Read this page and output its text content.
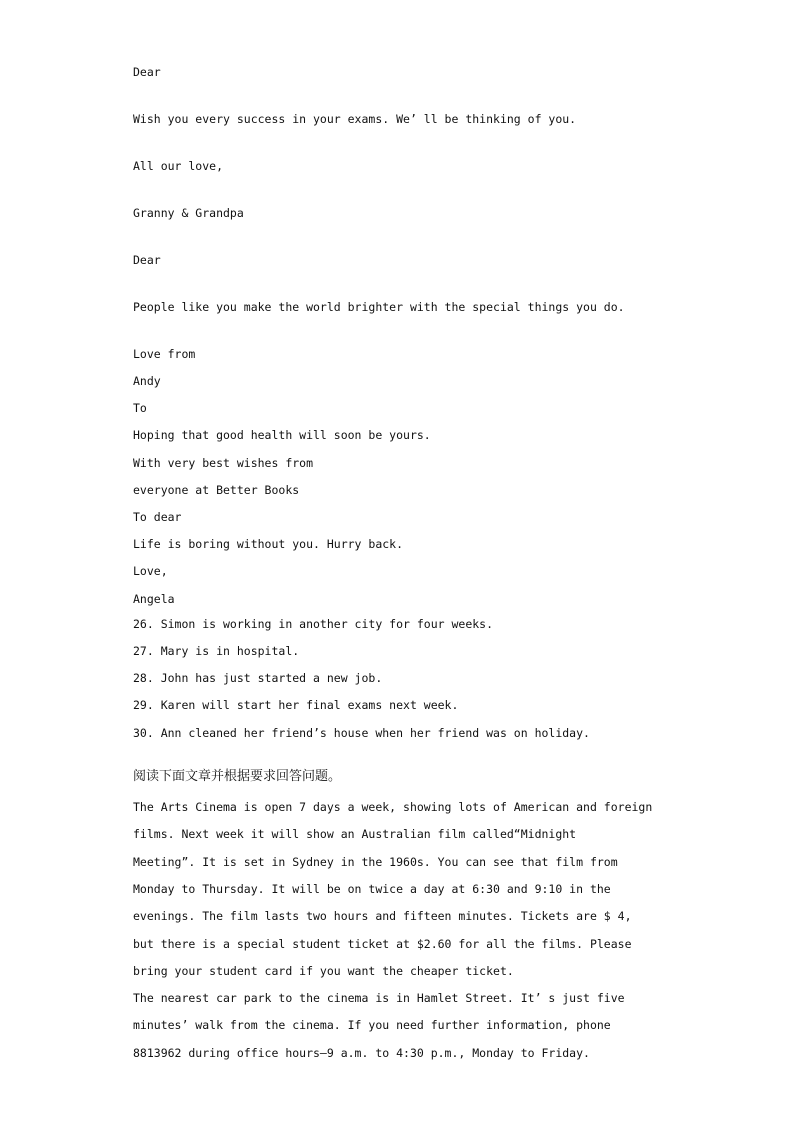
Dear

Wish you every success in your exams. We’ ll be thinking of you.

All our love,

Granny & Grandpa

Dear

People like you make the world brighter with the special things you do.

Love from

Andy

To

Hoping that good health will soon be yours.

With very best wishes from

everyone at Better Books

To dear

Life is boring without you. Hurry back.

Love,

Angela

26. Simon is working in another city for four weeks.

27. Mary is in hospital.

28. John has just started a new job.

29. Karen will start her final exams next week.

30. Ann cleaned her friend’s house when her friend was on holiday.

阅读下面文章并根据要求回答问题。

The Arts Cinema is open 7 days a week, showing lots of American and foreign

films. Next week it will show an Australian film called“Midnight

Meeting”. It is set in Sydney in the 1960s. You can see that film from

Monday to Thursday. It will be on twice a day at 6:30 and 9:10 in the

evenings. The film lasts two hours and fifteen minutes. Tickets are $ 4,

but there is a special student ticket at $2.60 for all the films. Please

bring your student card if you want the cheaper ticket.

The nearest car park to the cinema is in Hamlet Street. It’ s just five

minutes’ walk from the cinema. If you need further information, phone

8813962 during office hours—9 a.m. to 4:30 p.m., Monday to Friday.
